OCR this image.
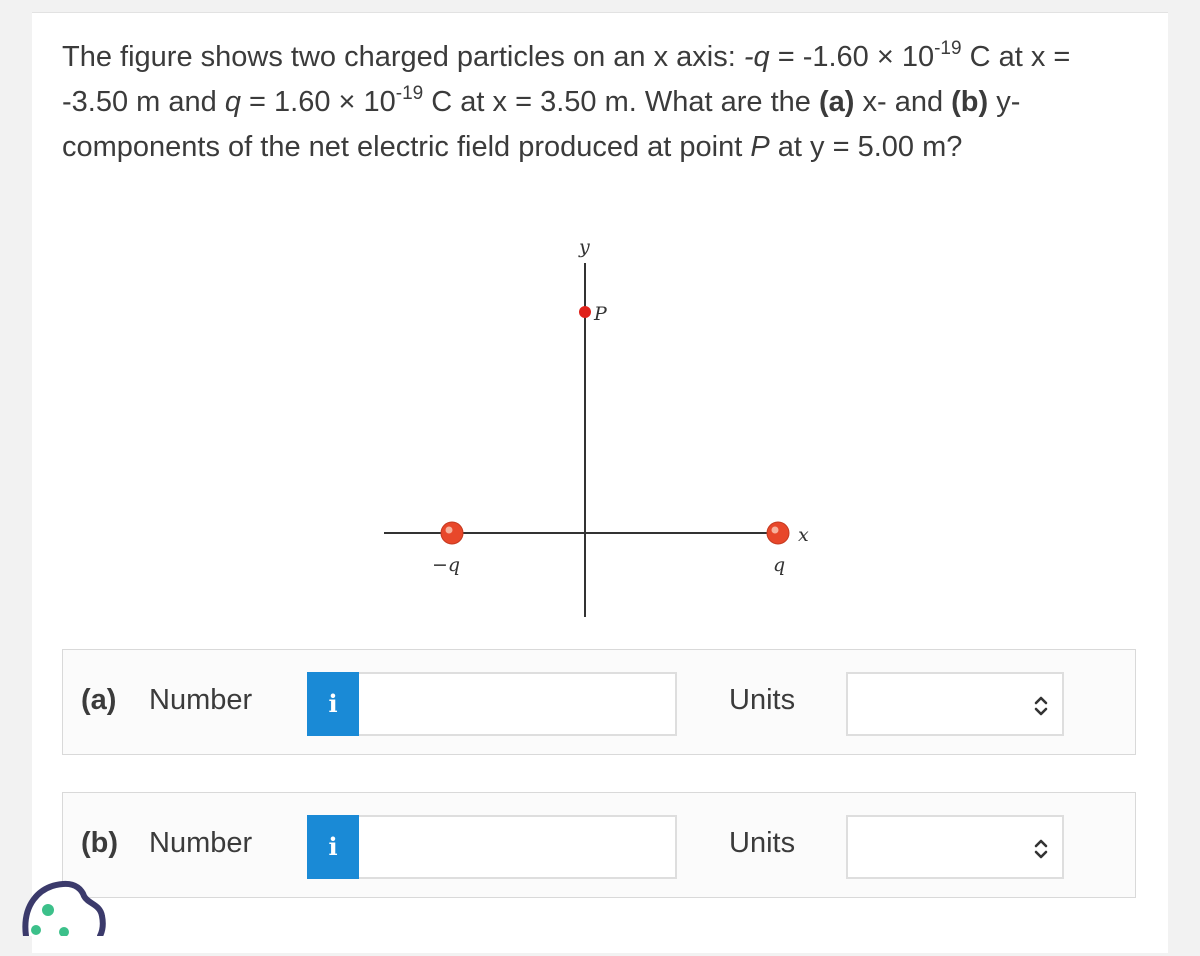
The figure shows two charged particles on an x axis: $-q = -1.60 \times 10^{-19}$ C at x = -3.50 m and $q = 1.60 \times 10^{-19}$ C at x = 3.50 m. What are the (a) x- and (b) y-components of the net electric field produced at point P at y = 5.00 m?
y
x
P
−q	q
(a) Number	i	Units
(b) Number	i	Units
